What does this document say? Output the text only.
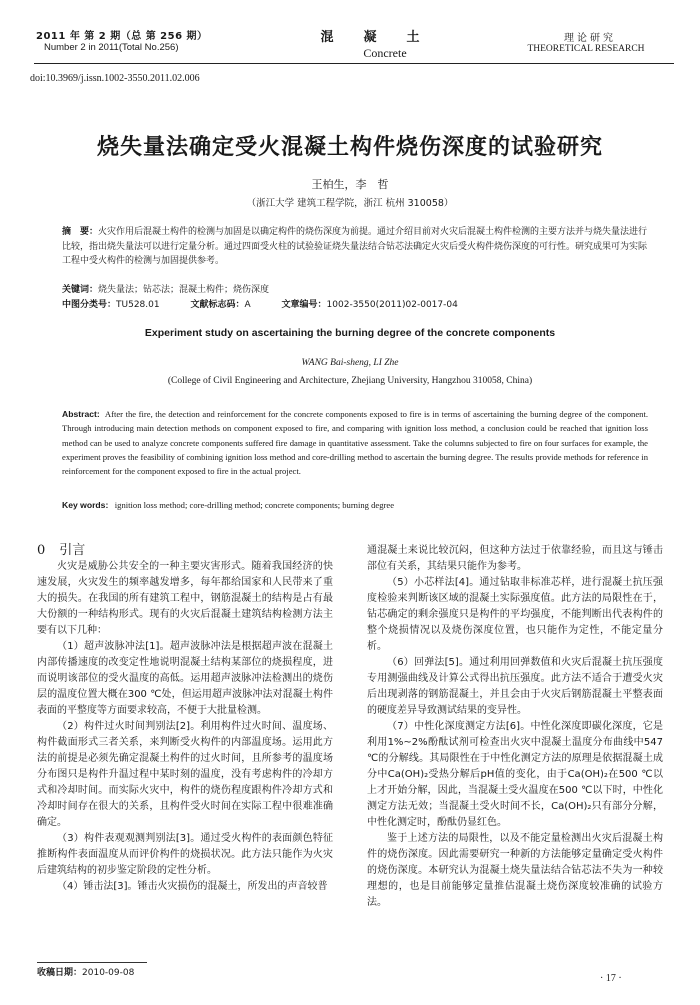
2011 年 第 2 期（总 第 256 期）
Number 2 in 2011(Total No.256)
混凝土
Concrete
理论研究
THEORETICAL RESEARCH
doi:10.3969/j.issn.1002-3550.2011.02.006
烧失量法确定受火混凝土构件烧伤深度的试验研究
王柏生，李　哲
（浙江大学 建筑工程学院，浙江 杭州 310058）
摘　要：火灾作用后混凝土构件的检测与加固是以确定构件的烧伤深度为前提。通过介绍目前对火灾后混凝土构件检测的主要方法并与烧失量法进行比较，指出烧失量法可以进行定量分析。通过四面受火柱的试验验证烧失量法结合钻芯法确定火灾后受火构件烧伤深度的可行性。研究成果可为实际工程中受火构件的检测与加固提供参考。
关键词：烧失量法；钻芯法；混凝土构件；烧伤深度
中图分类号：TU528.01	文献标志码：A	文章编号：1002-3550(2011)02-0017-04
Experiment study on ascertaining the burning degree of the concrete components
WANG Bai-sheng, LI Zhe
(College of Civil Engineering and Architecture, Zhejiang University, Hangzhou 310058, China)
Abstract: After the fire, the detection and reinforcement for the concrete components exposed to fire is in terms of ascertaining the burning degree of the component. Through introducing main detection methods on component exposed to fire, and comparing with ignition loss method, a conclusion could be reached that ignition loss method can be used to analyze concrete components suffered fire damage in quantitative assessment. Take the columns subjected to fire on four surfaces for example, the experiment proves the feasibility of combining ignition loss method and core-drilling method to ascertain the burning degree. The results provide methods for reference in reinforcement for the component exposed to fire in the actual project.
Key words: ignition loss method; core-drilling method; concrete components; burning degree

0 引言

火灾是威胁公共安全的一种主要灾害形式。随着我国经济的快速发展，火灾发生的频率越发增多，每年都给国家和人民带来了重大的损失。在我国的所有建筑工程中，钢筋混凝土的结构是占有最大份额的一种结构形式。现有的火灾后混凝土建筑结构检测方法主要有以下几种：

（1）超声波脉冲法[1]。超声波脉冲法是根据超声波在混凝土内部传播速度的改变定性地说明混凝土结构某部位的烧损程度，进而说明该部位的受火温度的高低。运用超声波脉冲法检测出的烧伤层的温度位置大概在300 ℃处，但运用超声波脉冲法对混凝土构件表面的平整度等方面要求较高，不便于大批量检测。

（2）构件过火时间判别法[2]。利用构件过火时间、温度场、构件截面形式三者关系，来判断受火构件的内部温度场。运用此方法的前提是必须先确定混凝土构件的过火时间，且所参考的温度场分布图只是构件升温过程中某时刻的温度，没有考虑构件的冷却方式和冷却时间。而实际火灾中，构件的烧伤程度跟构件冷却方式和冷却时间存在很大的关系，且构件受火时间在实际工程中很难准确确定。

（3）构件表观观测判别法[3]。通过受火构件的表面颜色特征推断构件表面温度从而评价构件的烧损状况。此方法只能作为火灾后建筑结构的初步鉴定阶段的定性分析。

（4）锤击法[3]。锤击火灾损伤的混凝土，所发出的声音较普

通混凝土来说比较沉闷，但这种方法过于依靠经验，而且这与锤击部位有关系，其结果只能作为参考。

（5）小芯样法[4]。通过钻取非标准芯样，进行混凝土抗压强度检验来判断该区域的混凝土实际强度值。此方法的局限性在于，钻芯确定的剩余强度只是构件的平均强度，不能判断出代表构件的整个烧损情况以及烧伤深度位置，也只能作为定性，不能定量分析。

（6）回弹法[5]。通过利用回弹数值和火灾后混凝土抗压强度专用测强曲线及计算公式得出抗压强度。此方法不适合于遭受火灾后出现剥落的钢筋混凝土，并且会由于火灾后钢筋混凝土平整表面的硬度差异导致测试结果的变异性。

（7）中性化深度测定方法[6]。中性化深度即碳化深度，它是利用1%~2%酚酞试剂可检查出火灾中混凝土温度分布曲线中547 ℃的分解线。其局限性在于中性化测定方法的原理是依据混凝土成分中Ca(OH)₂受热分解后pH值的变化，由于Ca(OH)₂在500 ℃以上才开始分解，因此，当混凝土受火温度在500 ℃以下时，中性化测定方法无效；当混凝土受火时间不长，Ca(OH)₂只有部分分解，中性化测定时，酚酞仍显红色。

鉴于上述方法的局限性，以及不能定量检测出火灾后混凝土构件的烧伤深度。因此需要研究一种新的方法能够定量确定受火构件的烧伤深度。本研究认为混凝土烧失量法结合钻芯法不失为一种较理想的，也是目前能够定量推估混凝土烧伤深度较准确的试验方法。

收稿日期：2010-09-08	· 17 ·
